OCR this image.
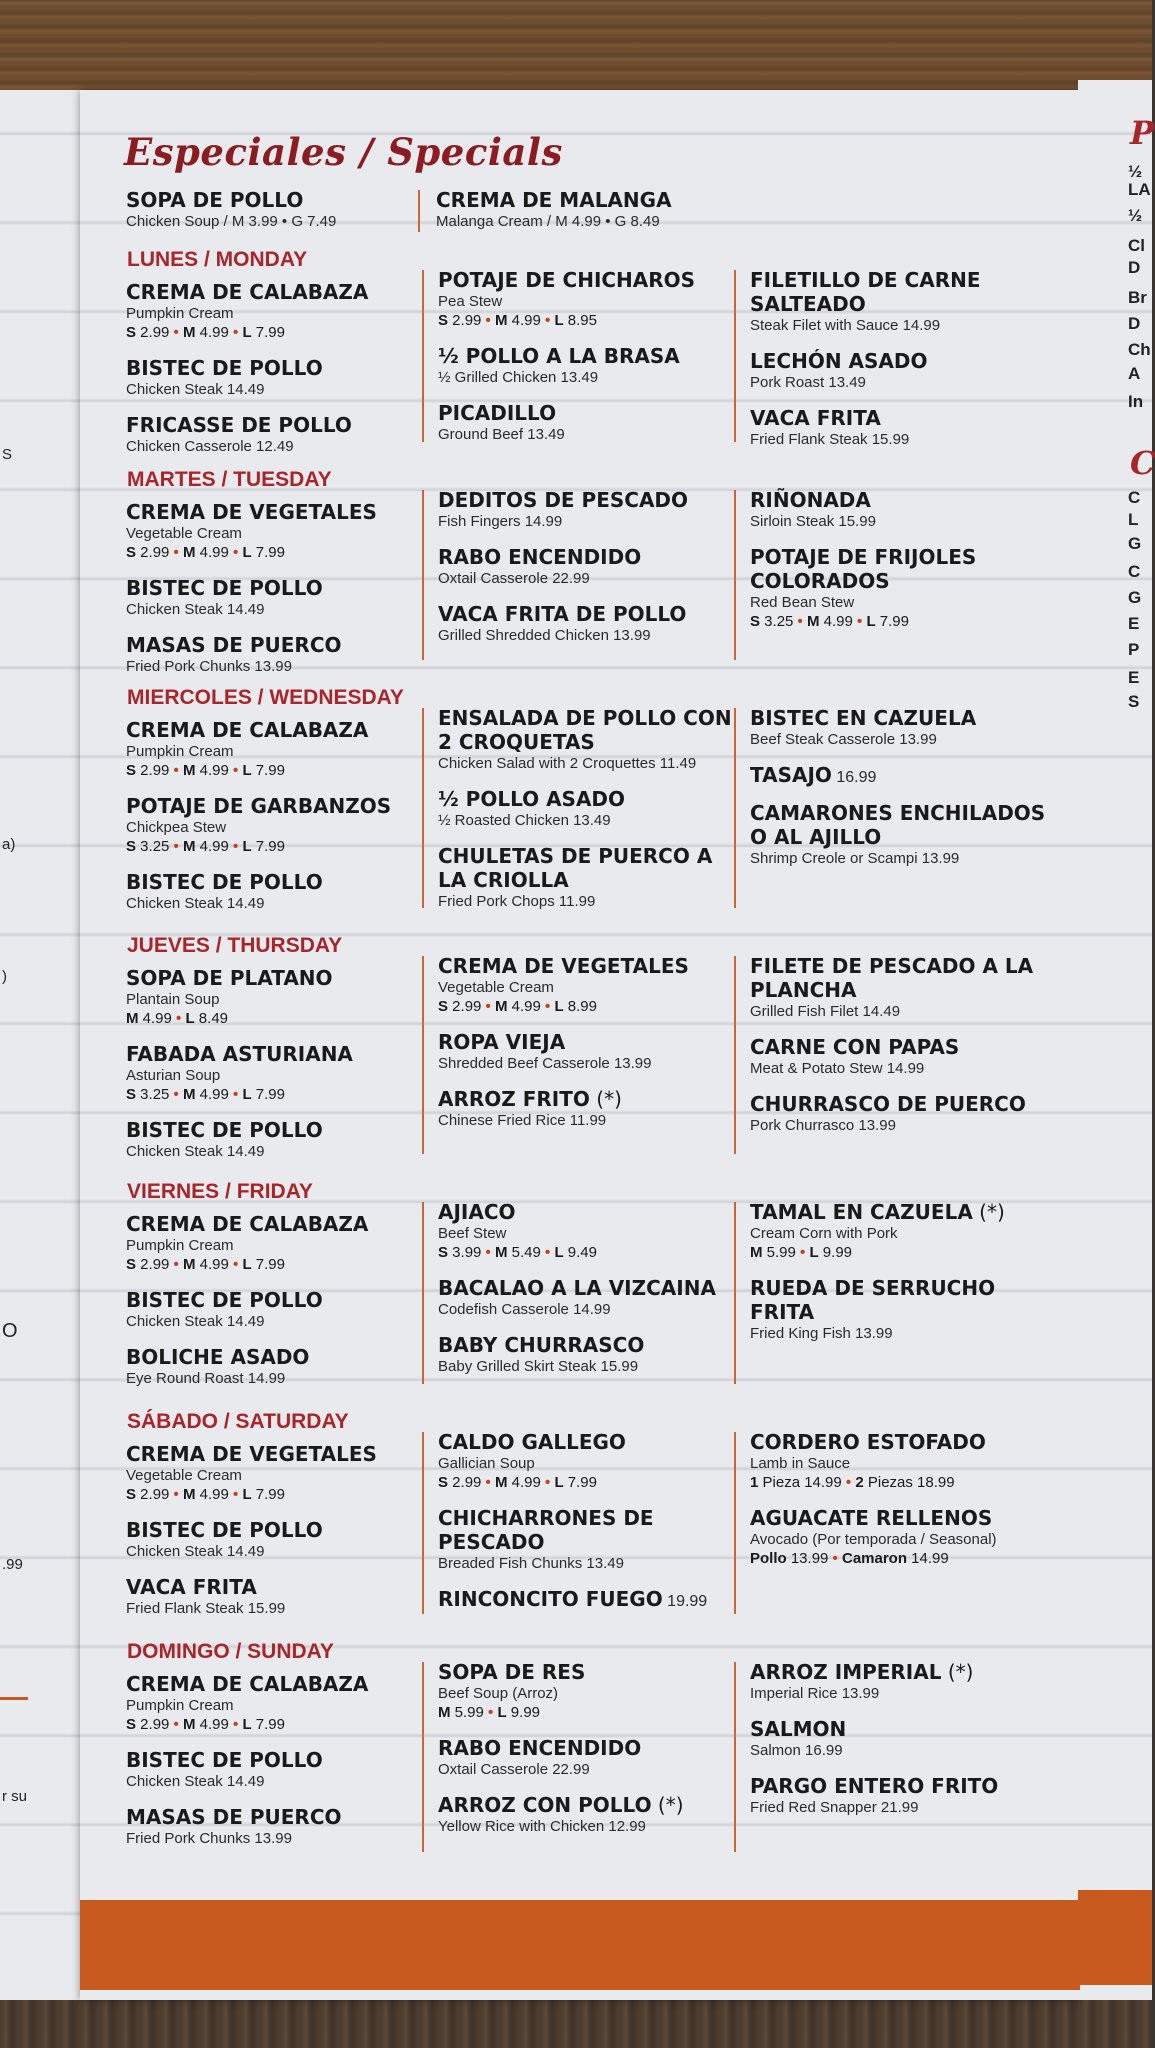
Especiales / Specials
SOPA DE POLLO
Chicken Soup / M 3.99 • G 7.49
CREMA DE MALANGA
Malanga Cream / M 4.99 • G 8.49
LUNES / MONDAY
CREMA DE CALABAZA
Pumpkin Cream
S 2.99 • M 4.99 • L 7.99
BISTEC DE POLLO
Chicken Steak 14.49
FRICASSE DE POLLO
Chicken Casserole 12.49
POTAJE DE CHICHAROS
Pea Stew
S 2.99 • M 4.99 • L 8.95
½ POLLO A LA BRASA
½ Grilled Chicken 13.49
PICADILLO
Ground Beef 13.49
FILETILLO DE CARNE SALTEADO
Steak Filet with Sauce 14.99
LECHÓN ASADO
Pork Roast 13.49
VACA FRITA
Fried Flank Steak 15.99
MARTES / TUESDAY
CREMA DE VEGETALES
Vegetable Cream
S 2.99 • M 4.99 • L 7.99
BISTEC DE POLLO
Chicken Steak 14.49
MASAS DE PUERCO
Fried Pork Chunks 13.99
DEDITOS DE PESCADO
Fish Fingers 14.99
RABO ENCENDIDO
Oxtail Casserole 22.99
VACA FRITA DE POLLO
Grilled Shredded Chicken 13.99
RIÑONADA
Sirloin Steak 15.99
POTAJE DE FRIJOLES COLORADOS
Red Bean Stew
S 3.25 • M 4.99 • L 7.99
MIERCOLES / WEDNESDAY
CREMA DE CALABAZA
Pumpkin Cream
S 2.99 • M 4.99 • L 7.99
POTAJE DE GARBANZOS
Chickpea Stew
S 3.25 • M 4.99 • L 7.99
BISTEC DE POLLO
Chicken Steak 14.49
ENSALADA DE POLLO CON 2 CROQUETAS
Chicken Salad with 2 Croquettes 11.49
½ POLLO ASADO
½ Roasted Chicken 13.49
CHULETAS DE PUERCO A LA CRIOLLA
Fried Pork Chops 11.99
BISTEC EN CAZUELA
Beef Steak Casserole 13.99
TASAJO 16.99
CAMARONES ENCHILADOS O AL AJILLO
Shrimp Creole or Scampi 13.99
JUEVES / THURSDAY
SOPA DE PLATANO
Plantain Soup
M 4.99 • L 8.49
FABADA ASTURIANA
Asturian Soup
S 3.25 • M 4.99 • L 7.99
BISTEC DE POLLO
Chicken Steak 14.49
CREMA DE VEGETALES
Vegetable Cream
S 2.99 • M 4.99 • L 8.99
ROPA VIEJA
Shredded Beef Casserole 13.99
ARROZ FRITO (*)
Chinese Fried Rice 11.99
FILETE DE PESCADO A LA PLANCHA
Grilled Fish Filet 14.49
CARNE CON PAPAS
Meat & Potato Stew 14.99
CHURRASCO DE PUERCO
Pork Churrasco 13.99
VIERNES / FRIDAY
CREMA DE CALABAZA
Pumpkin Cream
S 2.99 • M 4.99 • L 7.99
BISTEC DE POLLO
Chicken Steak 14.49
BOLICHE ASADO
Eye Round Roast 14.99
AJIACO
Beef Stew
S 3.99 • M 5.49 • L 9.49
BACALAO A LA VIZCAINA
Codefish Casserole 14.99
BABY CHURRASCO
Baby Grilled Skirt Steak 15.99
TAMAL EN CAZUELA (*)
Cream Corn with Pork
M 5.99 • L 9.99
RUEDA DE SERRUCHO FRITA
Fried King Fish 13.99
SÁBADO / SATURDAY
CREMA DE VEGETALES
Vegetable Cream
S 2.99 • M 4.99 • L 7.99
BISTEC DE POLLO
Chicken Steak 14.49
VACA FRITA
Fried Flank Steak 15.99
CALDO GALLEGO
Gallician Soup
S 2.99 • M 4.99 • L 7.99
CHICHARRONES DE PESCADO
Breaded Fish Chunks 13.49
RINCONCITO FUEGO 19.99
CORDERO ESTOFADO
Lamb in Sauce
1 Pieza 14.99 • 2 Piezas 18.99
AGUACATE RELLENOS
Avocado (Por temporada / Seasonal)
Pollo 13.99 • Camaron 14.99
DOMINGO / SUNDAY
CREMA DE CALABAZA
Pumpkin Cream
S 2.99 • M 4.99 • L 7.99
BISTEC DE POLLO
Chicken Steak 14.49
MASAS DE PUERCO
Fried Pork Chunks 13.99
SOPA DE RES
Beef Soup (Arroz)
M 5.99 • L 9.99
RABO ENCENDIDO
Oxtail Casserole 22.99
ARROZ CON POLLO (*)
Yellow Rice with Chicken 12.99
ARROZ IMPERIAL (*)
Imperial Rice 13.99
SALMON
Salmon 16.99
PARGO ENTERO FRITO
Fried Red Snapper 21.99
S
a)
)
O
.99
r su
P
½
LA
½
Cl
D
Br
D
Ch
A
In
C
C
L
G
C
G
E
P
E
S
